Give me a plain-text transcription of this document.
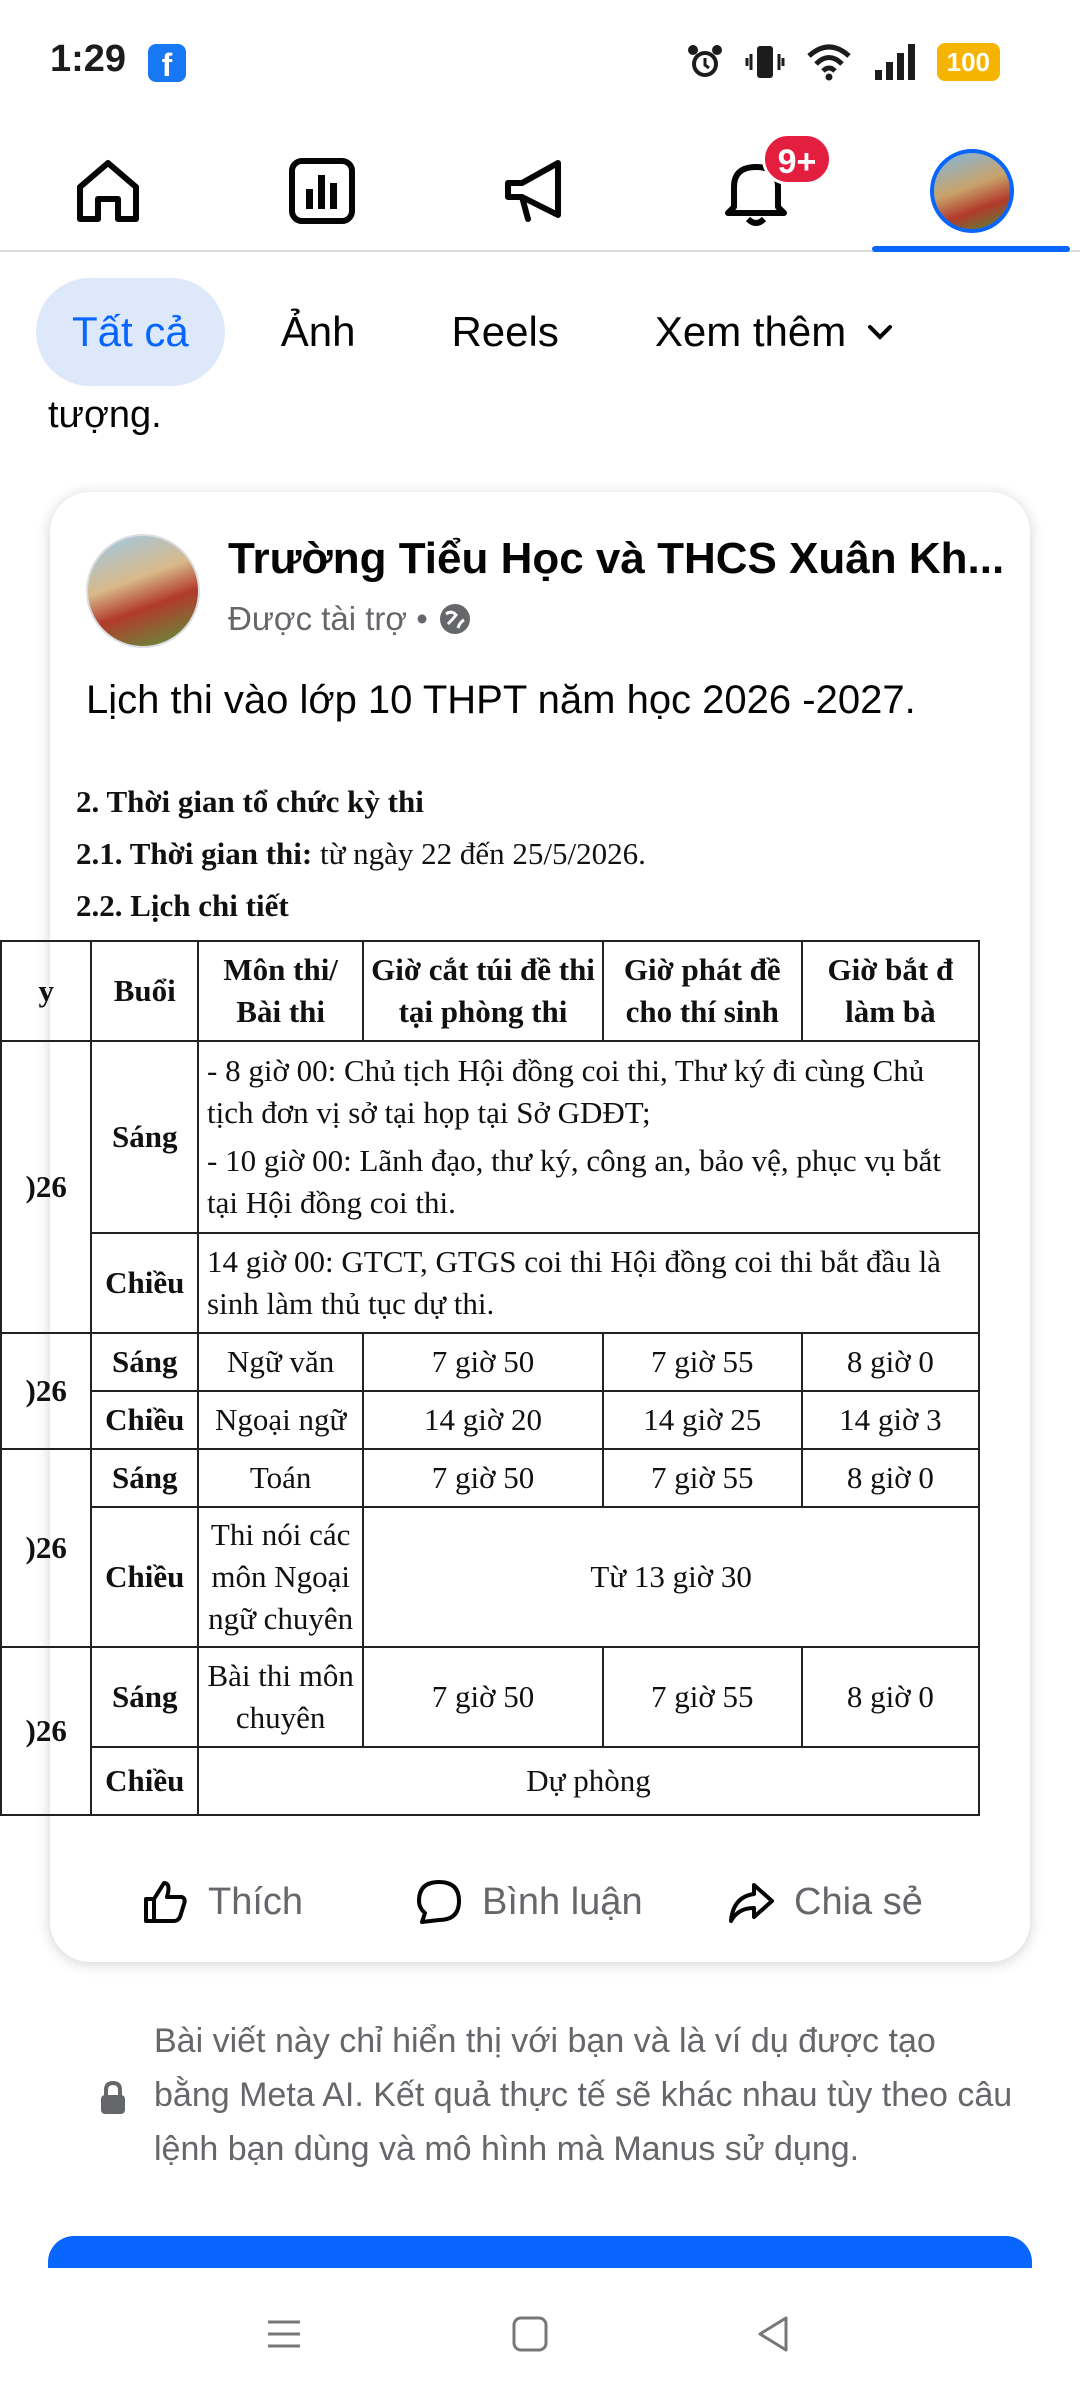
1:29	f	100
9+
Tất cả	Ảnh	Reels	Xem thêm
tượng.
Trường Tiểu Học và THCS Xuân Kh...
Được tài trợ •
Lịch thi vào lớp 10 THPT năm học 2026 -2027.
2. Thời gian tổ chức kỳ thi
2.1. Thời gian thi: từ ngày 22 đến 25/5/2026.
2.2. Lịch chi tiết
y	Buổi	Môn thi/ Bài thi	Giờ cắt túi đề thi tại phòng thi	Giờ phát đề cho thí sinh	Giờ bắt đ làm bà
)26	Sáng	- 8 giờ 00: Chủ tịch Hội đồng coi thi, Thư ký đi cùng Chủ tịch đơn vị sở tại họp tại Sở GDĐT;
- 10 giờ 00: Lãnh đạo, thư ký, công an, bảo vệ, phục vụ bắt tại Hội đồng coi thi.			

	Chiều	14 giờ 00: GTCT, GTGS coi thi Hội đồng coi thi bắt đầu là sinh làm thủ tục dự thi.			
)26	Sáng	Ngữ văn	7 giờ 50	7 giờ 55	8 giờ 0
	Chiều	Ngoại ngữ	14 giờ 20	14 giờ 25	14 giờ 3
)26	Sáng	Toán	7 giờ 50	7 giờ 55	8 giờ 0
	Chiều	Thi nói các môn Ngoại ngữ chuyên	Từ 13 giờ 30		
)26	Sáng	Bài thi môn chuyên	7 giờ 50	7 giờ 55	8 giờ 0
	Chiều	Dự phòng			
Thích	Bình luận	Chia sẻ
Bài viết này chỉ hiển thị với bạn và là ví dụ được tạo bằng Meta AI. Kết quả thực tế sẽ khác nhau tùy theo câu lệnh bạn dùng và mô hình mà Manus sử dụng.
